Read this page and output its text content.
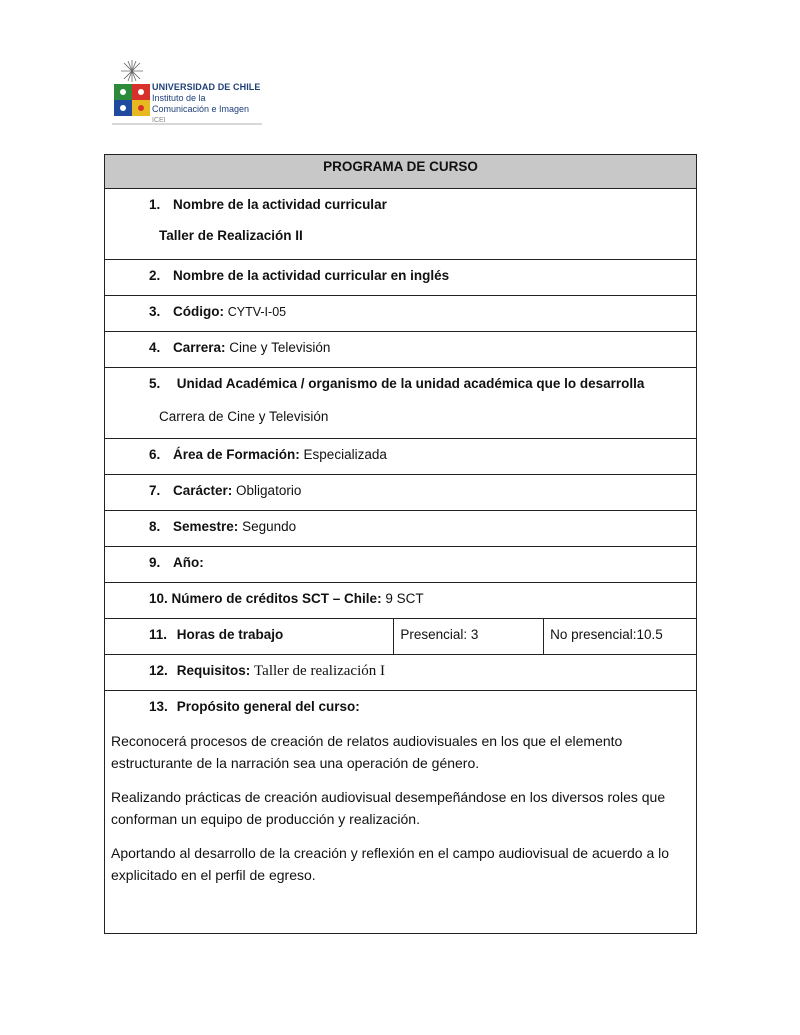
UNIVERSIDAD DE CHILE
Instituto de la
Comunicación e Imagen
ICEI
PROGRAMA DE CURSO
1. Nombre de la actividad curricular
Taller de Realización II

2. Nombre de la actividad curricular en inglés
3. Código: CYTV-I-05
4. Carrera: Cine y Televisión
5. Unidad Académica / organismo de la unidad académica que lo desarrolla
Carrera de Cine y Televisión

6. Área de Formación: Especializada
7. Carácter: Obligatorio
8. Semestre: Segundo
9. Año:
10. Número de créditos SCT – Chile: 9 SCT
11. Horas de trabajo	Presencial: 3	No presencial:10.5
12. Requisitos: Taller de realización I

13. Propósito general del curso:

Reconocerá procesos de creación de relatos audiovisuales en los que el elemento estructurante de la narración sea una operación de género.

Realizando prácticas de creación audiovisual desempeñándose en los diversos roles que conforman un equipo de producción y realización.

Aportando al desarrollo de la creación y reflexión en el campo audiovisual de acuerdo a lo explicitado en el perfil de egreso.
